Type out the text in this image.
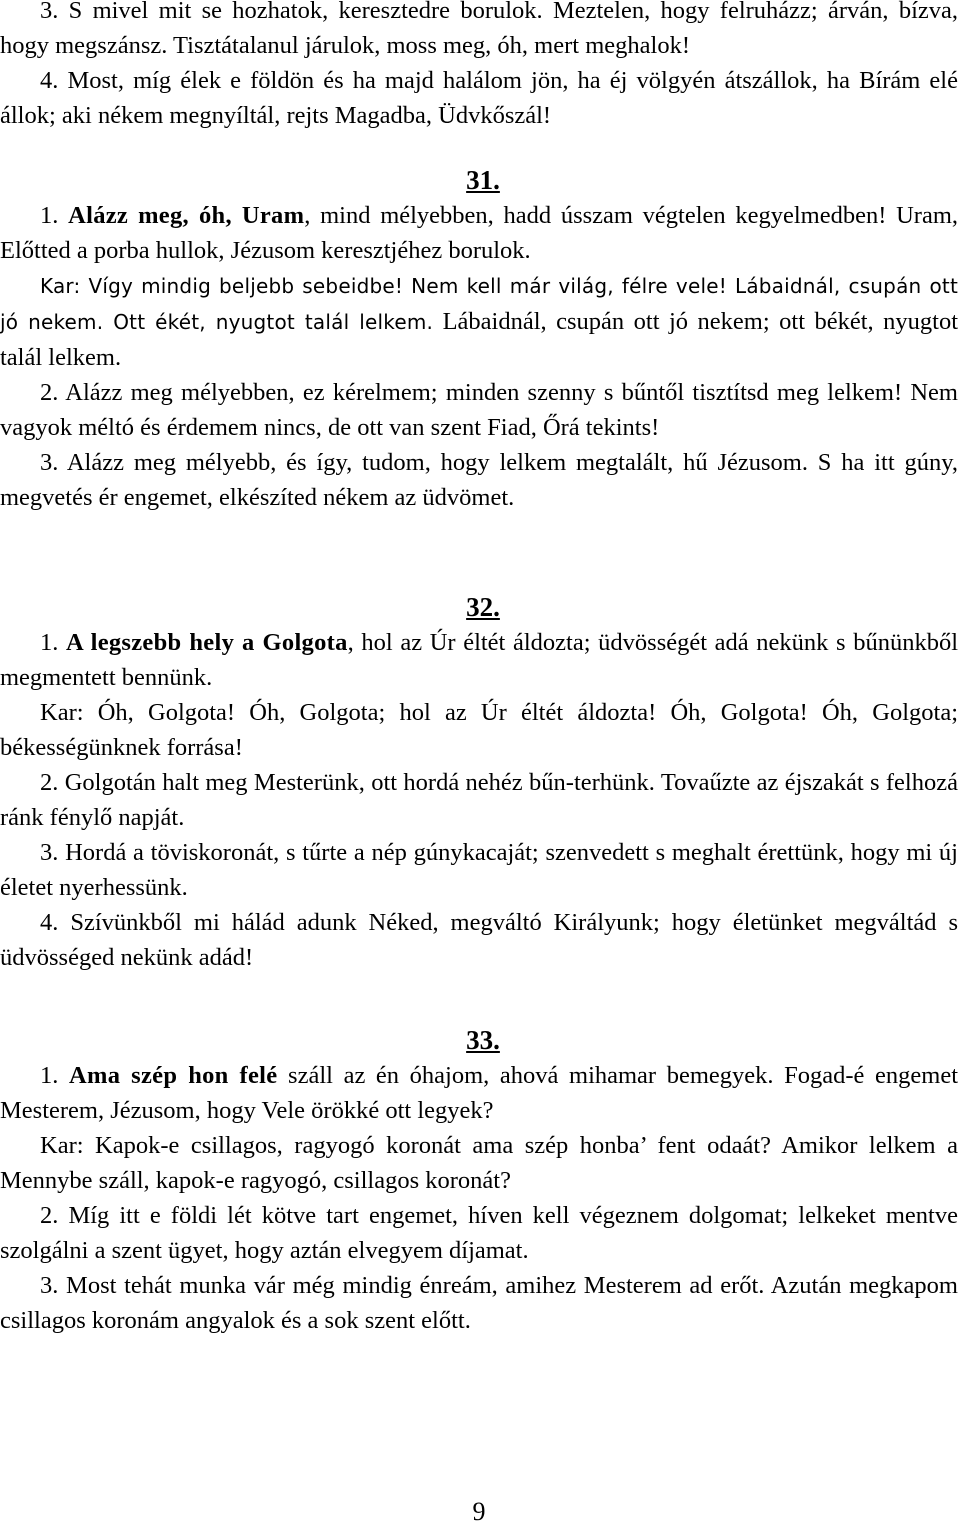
3. S mivel mit se hozhatok, keresztedre borulok. Meztelen, hogy felruházz; árván, bízva, hogy megszánsz. Tisztátalanul járulok, moss meg, óh, mert meghalok!

4. Most, míg élek e földön és ha majd halálom jön, ha éj völgyén átszállok, ha Bírám elé állok; aki nékem megnyíltál, rejts Magadba, Üdvkőszál!

31.

1. Alázz meg, óh, Uram, mind mélyebben, hadd ússzam végtelen kegyelmedben! Uram, Előtted a porba hullok, Jézusom keresztjéhez borulok.

Kar: Vígy mindig beljebb sebeidbe! Nem kell már világ, félre vele! Lábaidnál, csupán ott jó nekem. Ott ékét, nyugtot talál lelkem. Lábaidnál, csupán ott jó nekem; ott békét, nyugtot talál lelkem.

2. Alázz meg mélyebben, ez kérelmem; minden szenny s bűntől tisztítsd meg lelkem! Nem vagyok méltó és érdemem nincs, de ott van szent Fiad, Őrá tekints!

3. Alázz meg mélyebb, és így, tudom, hogy lelkem megtalált, hű Jézusom. S ha itt gúny, megvetés ér engemet, elkészíted nékem az üdvömet.

32.

1. A legszebb hely a Golgota, hol az Úr éltét áldozta; üdvösségét adá nekünk s bűnünkből megmentett bennünk.

Kar: Óh, Golgota! Óh, Golgota; hol az Úr éltét áldozta! Óh, Golgota! Óh, Golgota; békességünknek forrása!

2. Golgotán halt meg Mesterünk, ott hordá nehéz bűn-terhünk. Tovaűzte az éjszakát s felhozá ránk fénylő napját.

3. Hordá a töviskoronát, s tűrte a nép gúnykacaját; szenvedett s meghalt érettünk, hogy mi új életet nyerhessünk.

4. Szívünkből mi hálád adunk Néked, megváltó Királyunk; hogy életünket megváltád s üdvösséged nekünk adád!

33.

1. Ama szép hon felé száll az én óhajom, ahová mihamar bemegyek. Fogad-é engemet Mesterem, Jézusom, hogy Vele örökké ott legyek?

Kar: Kapok-e csillagos, ragyogó koronát ama szép honba’ fent odaát? Amikor lelkem a Mennybe száll, kapok-e ragyogó, csillagos koronát?

2. Míg itt e földi lét kötve tart engemet, híven kell végeznem dolgomat; lelkeket mentve szolgálni a szent ügyet, hogy aztán elvegyem díjamat.

3. Most tehát munka vár még mindig énreám, amihez Mesterem ad erőt. Azután megkapom csillagos koronám angyalok és a sok szent előtt.

9
